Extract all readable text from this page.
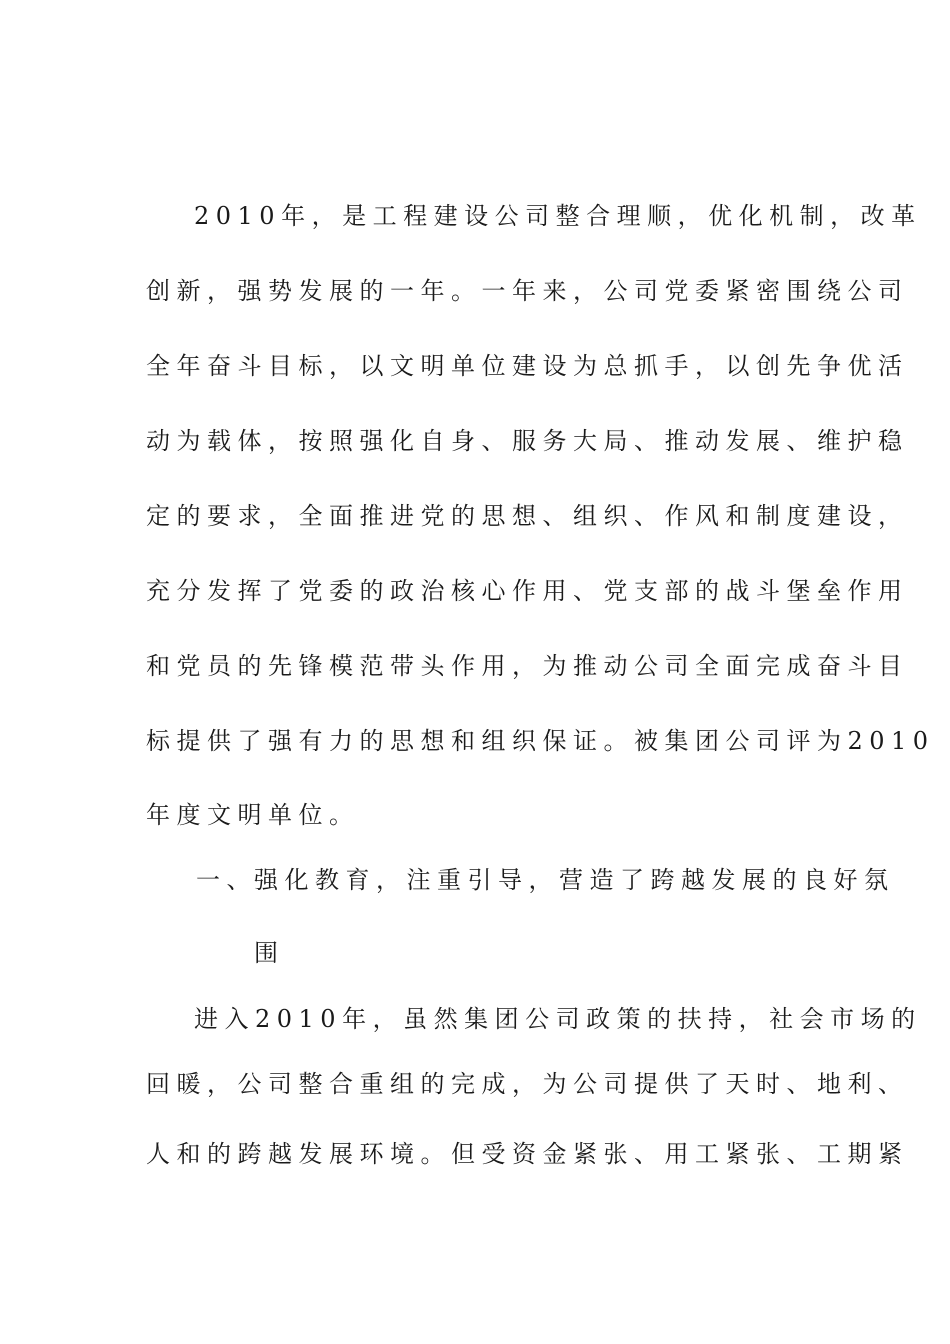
2010年，是工程建设公司整合理顺，优化机制，改革
创新，强势发展的一年。一年来，公司党委紧密围绕公司
全年奋斗目标，以文明单位建设为总抓手，以创先争优活
动为载体，按照强化自身、服务大局、推动发展、维护稳
定的要求，全面推进党的思想、组织、作风和制度建设，
充分发挥了党委的政治核心作用、党支部的战斗堡垒作用
和党员的先锋模范带头作用，为推动公司全面完成奋斗目
标提供了强有力的思想和组织保证。被集团公司评为2010
年度文明单位。
一、
强化教育，注重引导，营造了跨越发展的良好氛
围
进入2010年，虽然集团公司政策的扶持，社会市场的
回暖，公司整合重组的完成，为公司提供了天时、地利、
人和的跨越发展环境。但受资金紧张、用工紧张、工期紧
